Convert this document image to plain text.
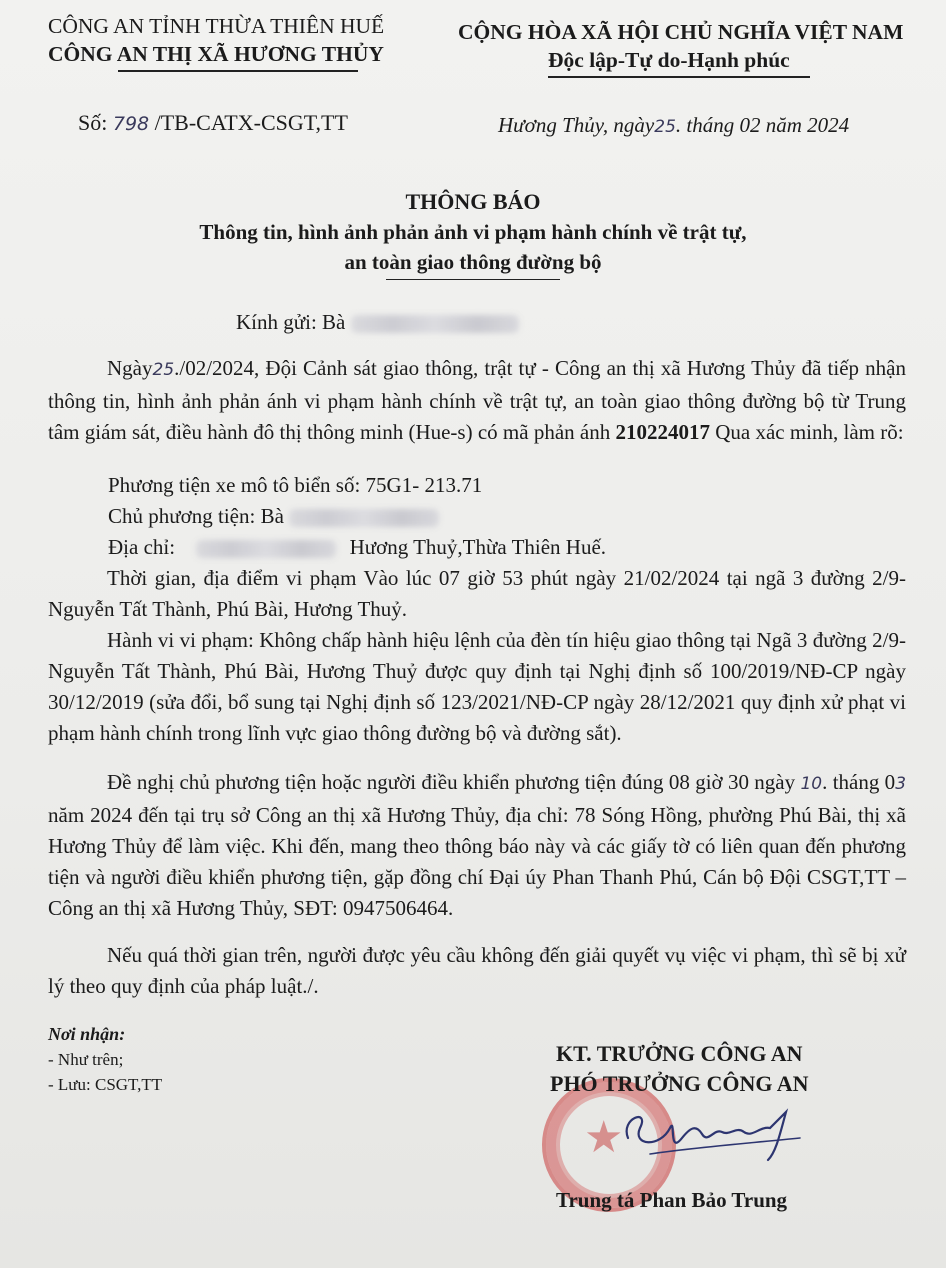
CÔNG AN TỈNH THỪA THIÊN HUẾ
CÔNG AN THỊ XÃ HƯƠNG THỦY
CỘNG HÒA XÃ HỘI CHỦ NGHĨA VIỆT NAM
Độc lập-Tự do-Hạnh phúc
Số: 798 /TB-CATX-CSGT,TT	Hương Thủy, ngày25. tháng 02 năm 2024
THÔNG BÁO
Thông tin, hình ảnh phản ảnh vi phạm hành chính về trật tự,
an toàn giao thông đường bộ
Kính gửi: Bà
Ngày25./02/2024, Đội Cảnh sát giao thông, trật tự - Công an thị xã Hương Thủy đã tiếp nhận thông tin, hình ảnh phản ánh vi phạm hành chính về trật tự, an toàn giao thông đường bộ từ Trung tâm giám sát, điều hành đô thị thông minh (Hue-s) có mã phản ánh 210224017 Qua xác minh, làm rõ:
Phương tiện xe mô tô biển số: 75G1- 213.71
Chủ phương tiện: Bà
Địa chỉ:	Hương Thuỷ,Thừa Thiên Huế.
Thời gian, địa điểm vi phạm Vào lúc 07 giờ 53 phút ngày 21/02/2024 tại ngã 3 đường 2/9- Nguyễn Tất Thành, Phú Bài, Hương Thuỷ.
Hành vi vi phạm: Không chấp hành hiệu lệnh của đèn tín hiệu giao thông tại Ngã 3 đường 2/9-Nguyễn Tất Thành, Phú Bài, Hương Thuỷ được quy định tại Nghị định số 100/2019/NĐ-CP ngày 30/12/2019 (sửa đổi, bổ sung tại Nghị định số 123/2021/NĐ-CP ngày 28/12/2021 quy định xử phạt vi phạm hành chính trong lĩnh vực giao thông đường bộ và đường sắt).
Đề nghị chủ phương tiện hoặc người điều khiển phương tiện đúng 08 giờ 30 ngày 10. tháng 03 năm 2024 đến tại trụ sở Công an thị xã Hương Thủy, địa chỉ: 78 Sóng Hồng, phường Phú Bài, thị xã Hương Thủy để làm việc. Khi đến, mang theo thông báo này và các giấy tờ có liên quan đến phương tiện và người điều khiển phương tiện, gặp đồng chí Đại úy Phan Thanh Phú, Cán bộ Đội CSGT,TT – Công an thị xã Hương Thủy, SĐT: 0947506464.
Nếu quá thời gian trên, người được yêu cầu không đến giải quyết vụ việc vi phạm, thì sẽ bị xử lý theo quy định của pháp luật./.
Nơi nhận:
- Như trên;
- Lưu: CSGT,TT
★
KT. TRƯỞNG CÔNG AN
PHÓ TRƯỞNG CÔNG AN
Trung tá Phan Bảo Trung
